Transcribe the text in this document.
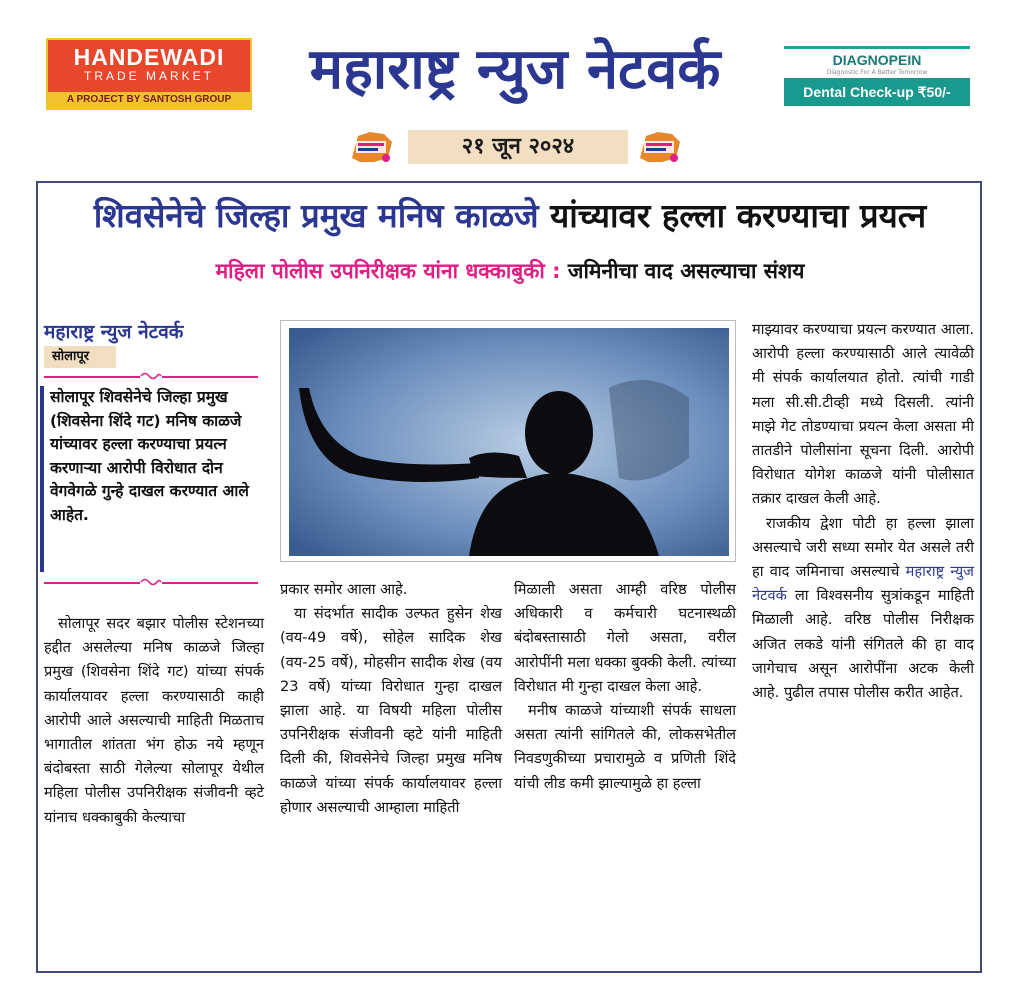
HANDEWADI
TRADE MARKET
A PROJECT BY SANTOSH GROUP	महाराष्ट्र न्युज नेटवर्क	DIAGNOPEIN
Diagnostic For A Better Tomorrow
Dental Check-up ₹50/-
२१ जून २०२४
शिवसेनेचे जिल्हा प्रमुख मनिष काळजे यांच्यावर हल्ला करण्याचा प्रयत्न
महिला पोलीस उपनिरीक्षक यांना धक्काबुकी : जमिनीचा वाद असल्याचा संशय
महाराष्ट्र न्युज नेटवर्क
सोलापूर
सोलापूर शिवसेनेचे जिल्हा प्रमुख (शिवसेना शिंदे गट) मनिष काळजे यांच्यावर हल्ला करण्याचा प्रयत्न करणाऱ्या आरोपी विरोधात दोन वेगवेगळे गुन्हे दाखल करण्यात आले आहेत.

सोलापूर सदर बझार पोलीस स्टेशनच्या हद्दीत असलेल्या मनिष काळजे जिल्हा प्रमुख (शिवसेना शिंदे गट) यांच्या संपर्क कार्यालयावर हल्ला करण्यासाठी काही आरोपी आले असल्याची माहिती मिळताच भागातील शांतता भंग होऊ नये म्हणून बंदोबस्ता साठी गेलेल्या सोलापूर येथील महिला पोलीस उपनिरीक्षक संजीवनी व्हटे यांनाच धक्काबुकी केल्याचा

प्रकार समोर आला आहे.

या संदर्भात सादीक उल्फत हुसेन शेख (वय-49 वर्षे), सोहेल सादिक शेख (वय-25 वर्षे), मोहसीन सादीक शेख (वय 23 वर्षे) यांच्या विरोधात गुन्हा दाखल झाला आहे. या विषयी महिला पोलीस उपनिरीक्षक संजीवनी व्हटे यांनी माहिती दिली की, शिवसेनेचे जिल्हा प्रमुख मनिष काळजे यांच्या संपर्क कार्यालयावर हल्ला होणार असल्याची आम्हाला माहिती

मिळाली असता आम्ही वरिष्ठ पोलीस अधिकारी व कर्मचारी घटनास्थळी बंदोबस्तासाठी गेलो असता, वरील आरोपींनी मला धक्का बुक्की केली. त्यांच्या विरोधात मी गुन्हा दाखल केला आहे.

मनीष काळजे यांच्याशी संपर्क साधला असता त्यांनी सांगितले की, लोकसभेतील निवडणुकीच्या प्रचारामुळे व प्रणिती शिंदे यांची लीड कमी झाल्यामुळे हा हल्ला

माझ्यावर करण्याचा प्रयत्न करण्यात आला. आरोपी हल्ला करण्यासाठी आले त्यावेळी मी संपर्क कार्यालयात होतो. त्यांची गाडी मला सी.सी.टीव्ही मध्ये दिसली. त्यांनी माझे गेट तोडण्याचा प्रयत्न केला असता मी तातडीने पोलीसांना सूचना दिली. आरोपी विरोधात योगेश काळजे यांनी पोलीसात तक्रार दाखल केली आहे.

राजकीय द्वेशा पोटी हा हल्ला झाला असल्याचे जरी सध्या समोर येत असले तरी हा वाद जमिनाचा असल्याचे महाराष्ट्र न्युज नेटवर्क ला विश्वसनीय सुत्रांकडून माहिती मिळाली आहे. वरिष्ठ पोलीस निरीक्षक अजित लकडे यांनी संगितले की हा वाद जागेचाच असून आरोपींना अटक केली आहे. पुढील तपास पोलीस करीत आहेत.
